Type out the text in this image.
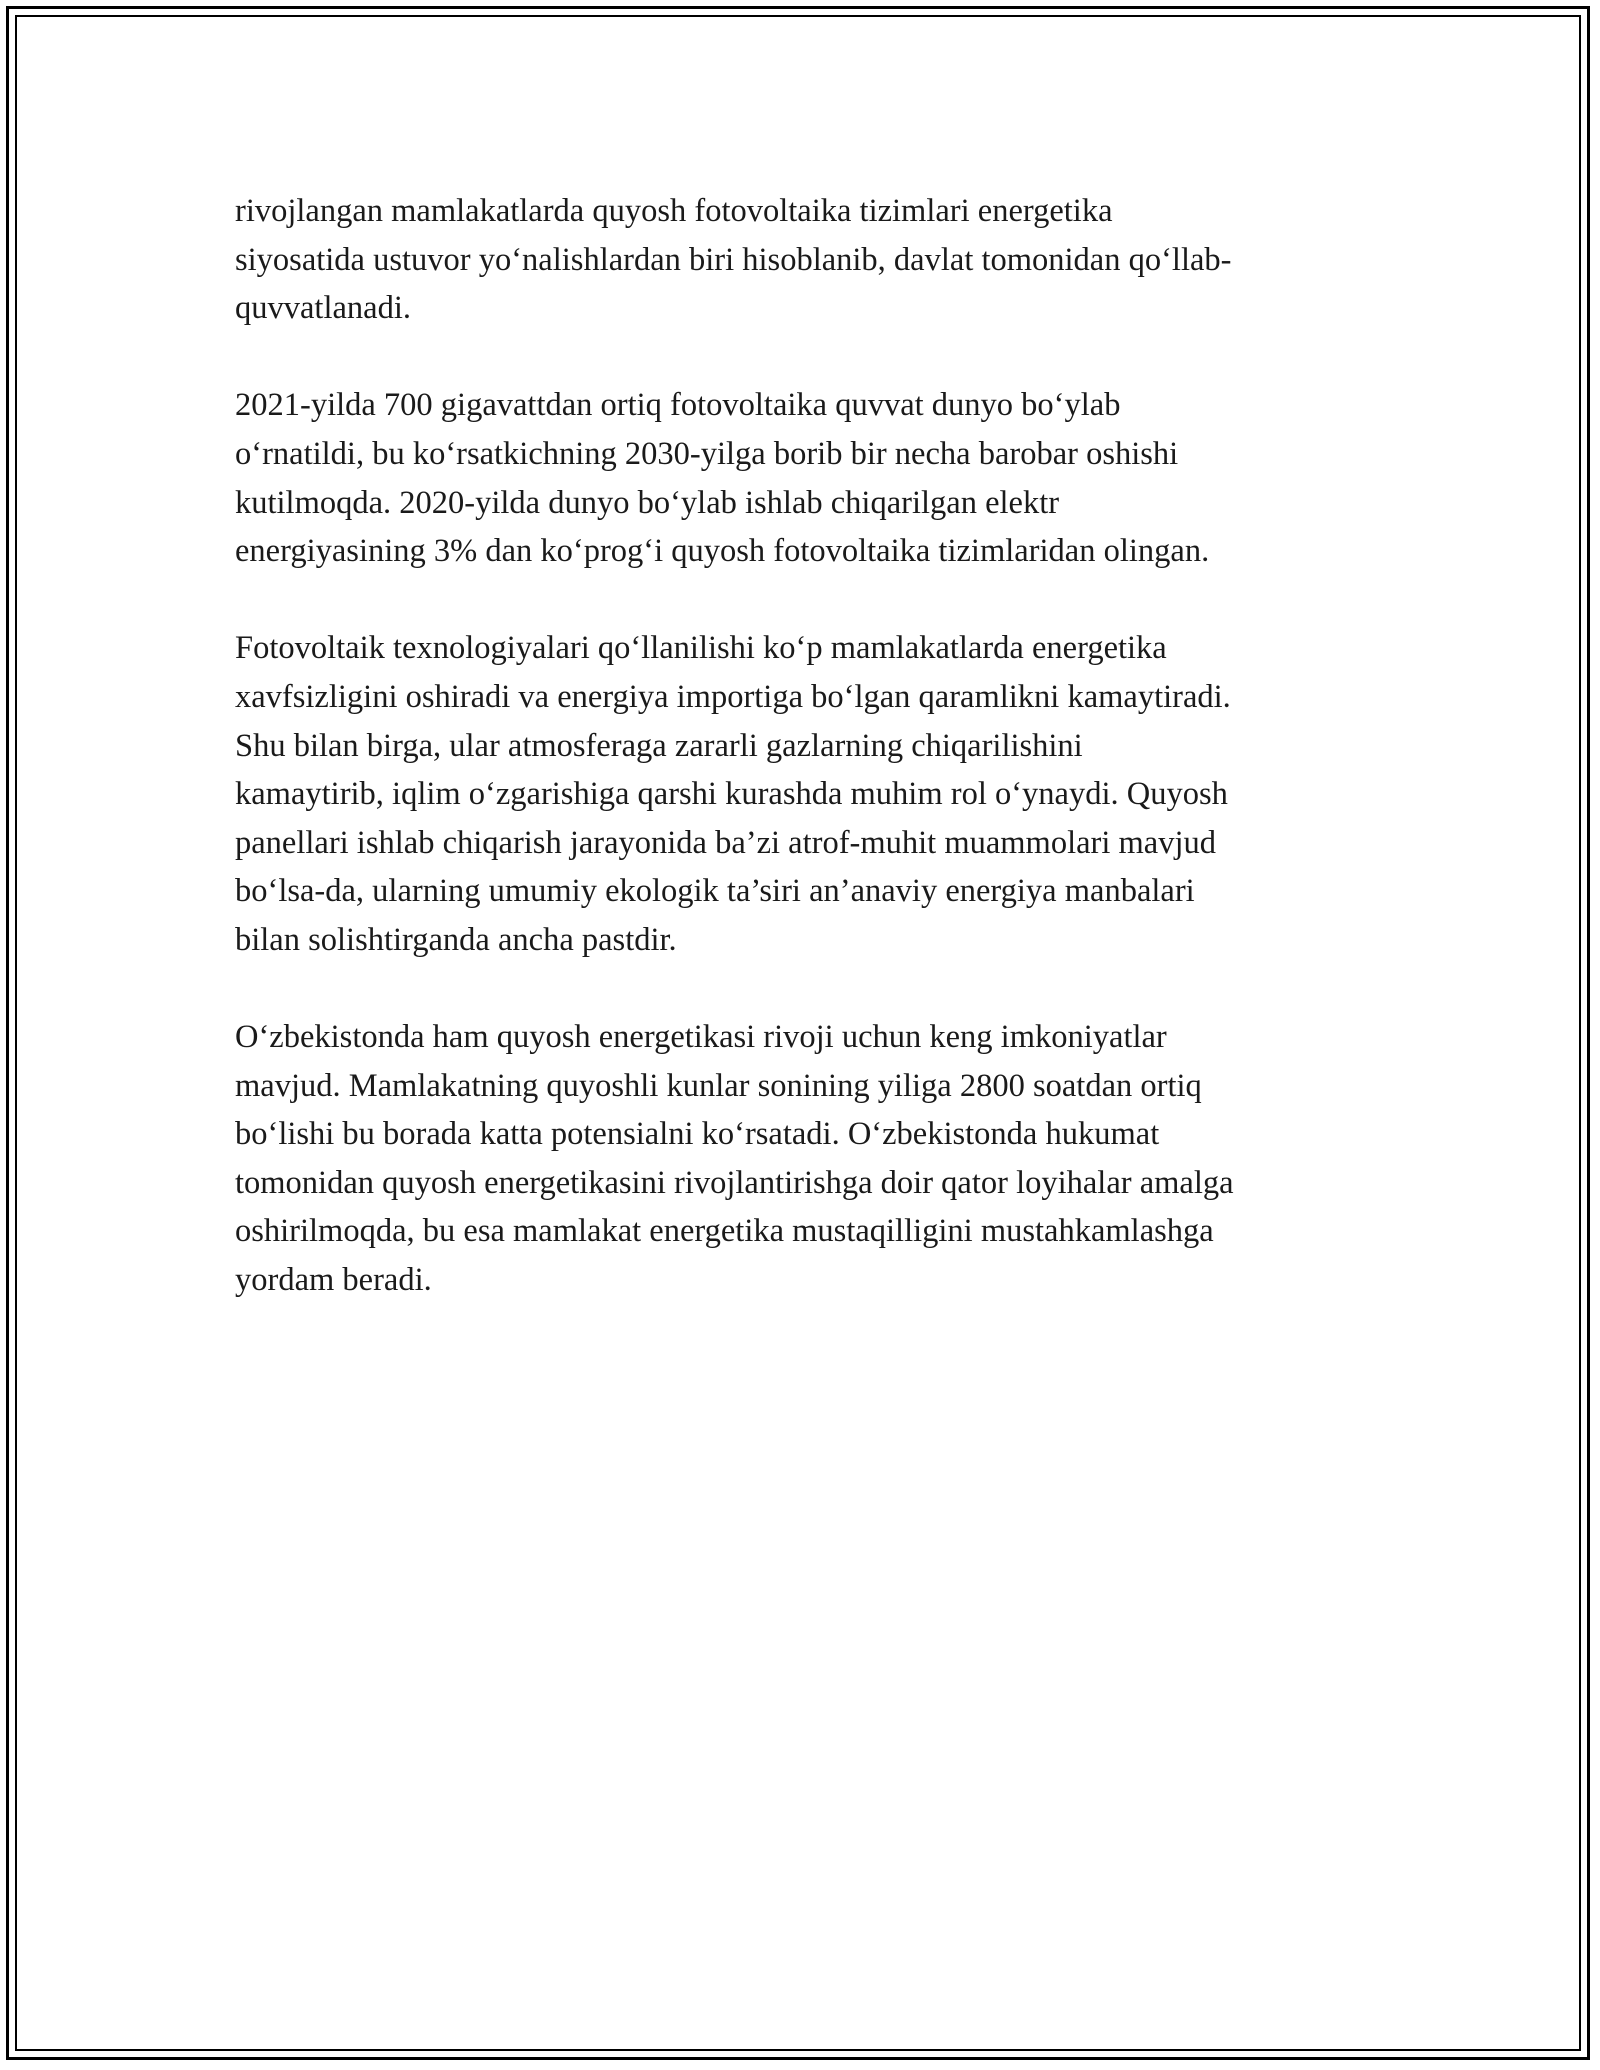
rivojlangan mamlakatlarda quyosh fotovoltaika tizimlari energetika
siyosatida ustuvor yo‘nalishlardan biri hisoblanib, davlat tomonidan qo‘llab-
quvvatlanadi.

2021-yilda 700 gigavattdan ortiq fotovoltaika quvvat dunyo bo‘ylab
o‘rnatildi, bu ko‘rsatkichning 2030-yilga borib bir necha barobar oshishi
kutilmoqda. 2020-yilda dunyo bo‘ylab ishlab chiqarilgan elektr
energiyasining 3% dan ko‘prog‘i quyosh fotovoltaika tizimlaridan olingan.

Fotovoltaik texnologiyalari qo‘llanilishi ko‘p mamlakatlarda energetika
xavfsizligini oshiradi va energiya importiga bo‘lgan qaramlikni kamaytiradi.
Shu bilan birga, ular atmosferaga zararli gazlarning chiqarilishini
kamaytirib, iqlim o‘zgarishiga qarshi kurashda muhim rol o‘ynaydi. Quyosh
panellari ishlab chiqarish jarayonida ba’zi atrof-muhit muammolari mavjud
bo‘lsa-da, ularning umumiy ekologik ta’siri an’anaviy energiya manbalari
bilan solishtirganda ancha pastdir.

O‘zbekistonda ham quyosh energetikasi rivoji uchun keng imkoniyatlar
mavjud. Mamlakatning quyoshli kunlar sonining yiliga 2800 soatdan ortiq
bo‘lishi bu borada katta potensialni ko‘rsatadi. O‘zbekistonda hukumat
tomonidan quyosh energetikasini rivojlantirishga doir qator loyihalar amalga
oshirilmoqda, bu esa mamlakat energetika mustaqilligini mustahkamlashga
yordam beradi.
